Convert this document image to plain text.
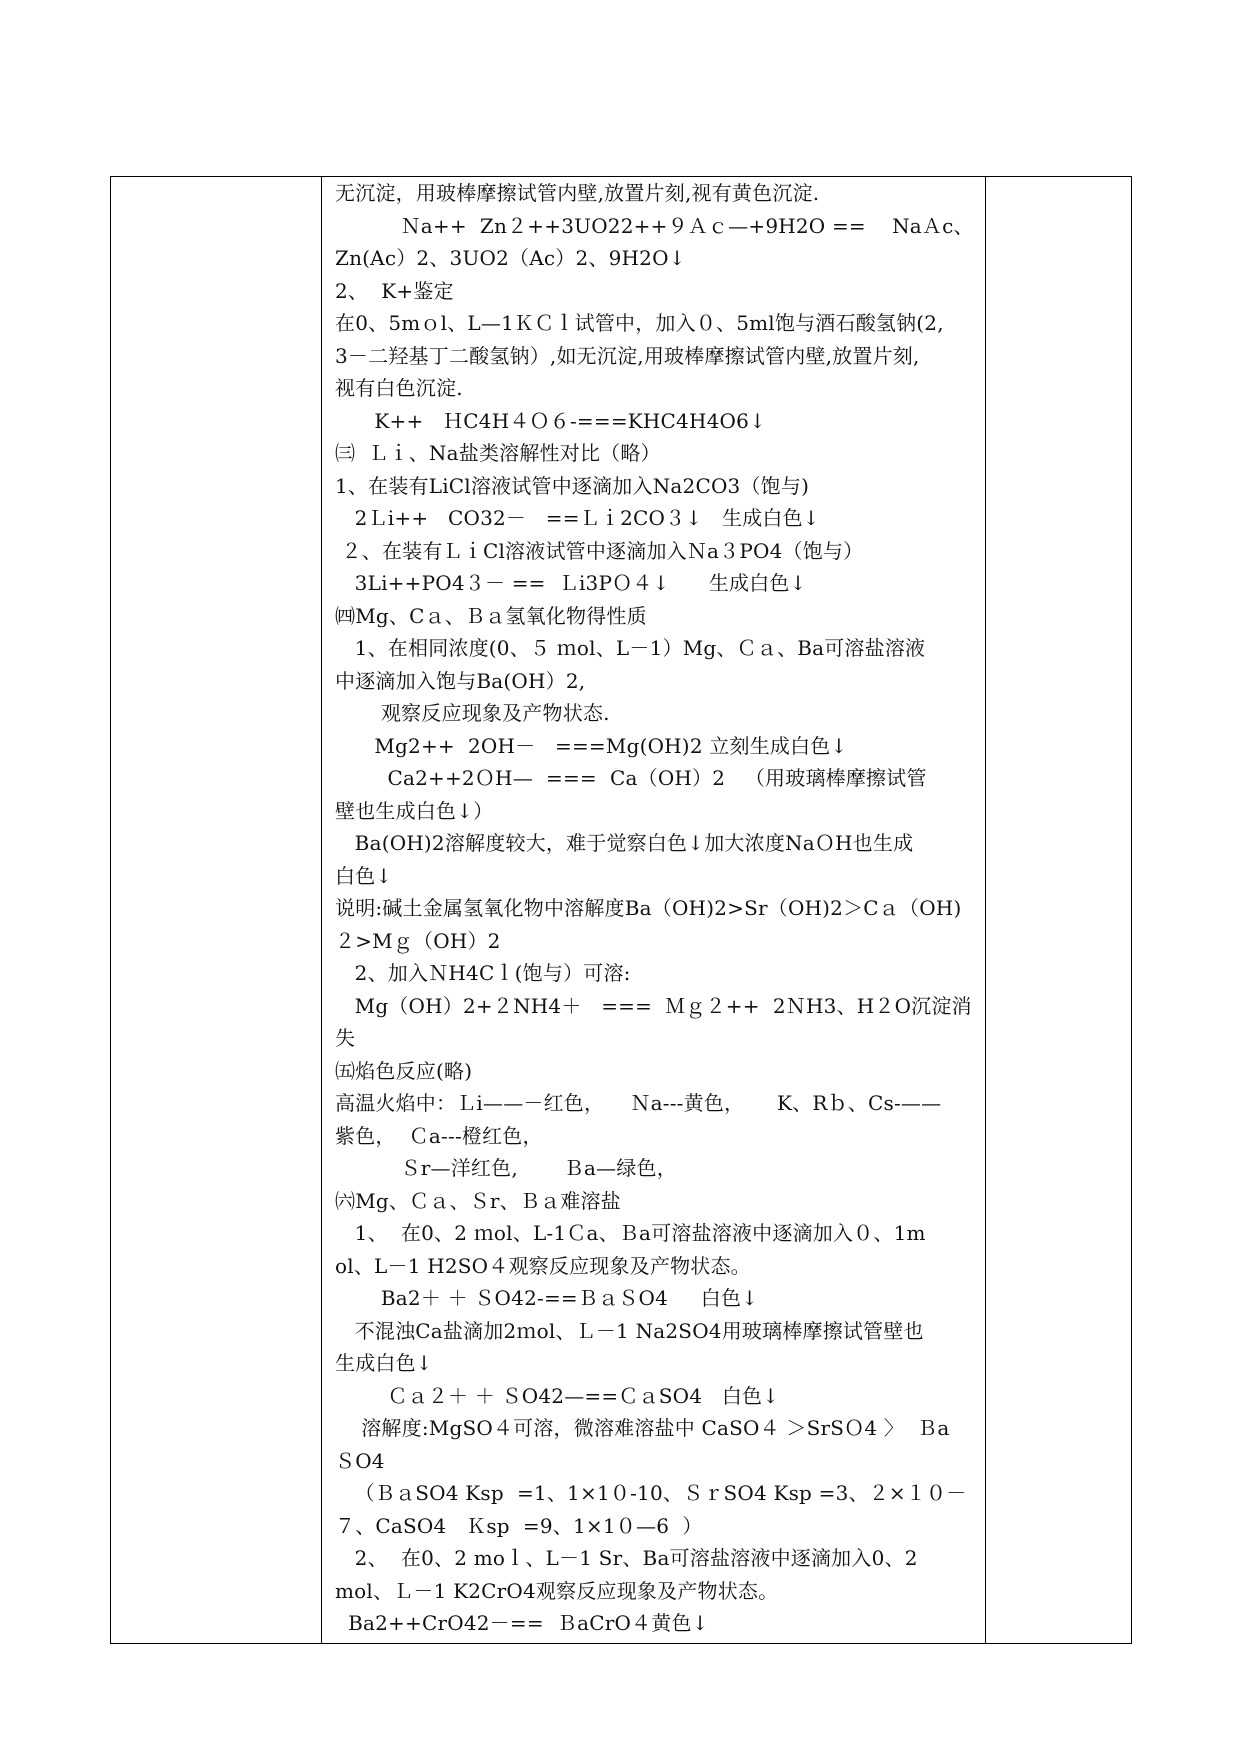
无沉淀，用玻棒摩擦试管内壁,放置片刻,视有黄色沉淀.
Ｎa++  Zn２++3UO22++９Ａｃ—+9H2O ==    NaＡc、
Zn(Ac）2、3UO2（Ac）2、9H2O↓
2、  K+鉴定
在0、5mｏl、L—1ＫＣｌ试管中，加入０、5ml饱与酒石酸氢钠(2,
3－二羟基丁二酸氢钠）,如无沉淀,用玻棒摩擦试管内壁,放置片刻,
视有白色沉淀.
K++   ＨC4H４Ｏ６-===KHC4H4O6↓
㈢  Ｌｉ、Na盐类溶解性对比（略）
1、在装有LiCl溶液试管中逐滴加入Na2CO3（饱与)
2Ｌi++   CO32－   ==Ｌｉ2CO３↓   生成白色↓
２、在装有ＬｉCl溶液试管中逐滴加入Ｎa３PO4（饱与）
3Li++PO4３－ ==  Ｌi3PＯ４↓      生成白色↓
㈣Mg、Cａ、Ｂａ氢氧化物得性质
1、在相同浓度(0、５ ｍol、L－1）Mg、Ｃａ、Ba可溶盐溶液
中逐滴加入饱与Ba(OH）2,
观察反应现象及产物状态.
Mg2++  2OH－   ===Mg(OH)2 立刻生成白色↓
Ca2++2ＯH—  ===  Ca（OH）2   （用玻璃棒摩擦试管
壁也生成白色↓）
Ba(OH)2溶解度较大，难于觉察白色↓加大浓度NaＯH也生成
白色↓
说明:碱土金属氢氧化物中溶解度Ba（OH)2>Sr（OH)2＞Cａ（OH)
２>Mｇ（OH）2
2、加入ＮH4Cｌ(饱与）可溶:
Mg（OH）2+２NH4＋   ===  Ｍｇ２++  2ＮH3、H２O沉淀消
失
㈤焰色反应(略)
高温火焰中：Ｌi——－红色，    Ｎa---黄色，     K、Rｂ、Cs-——
紫色，  Ｃa---橙红色，
Ｓr—洋红色,       Ｂa—绿色，
㈥Mg、Ｃａ、Ｓr、Ｂａ难溶盐
1、  在0、2 ｍol、L-1Ｃa、Ｂa可溶盐溶液中逐滴加入０、1m
ol、L－1 H2SO４观察反应现象及产物状态。
Ba2＋ ＋ ＳO42-==ＢａＳO4     白色↓
不混浊Ca盐滴加2ｍol、Ｌ－1 Na2SO4用玻璃棒摩擦试管壁也
生成白色↓
Ｃａ２＋ ＋ ＳO42—==ＣａSO4   白色↓
溶解度:MgSO４可溶，微溶难溶盐中 CaSO４ ＞SrSＯ4 〉  Ｂa
ＳO4
（ＢａSO4 Ksp  =1、1×1０-10、ＳｒSO4 Ksp =3、２×１０－
７、CaSO4   Ｋsp  =9、1×1０—6  ）
2、  在0、2 moｌ、L－1 Sr、Ba可溶盐溶液中逐滴加入0、2
mol、Ｌ－1 K2CrO4观察反应现象及产物状态。
Ba2++CrO42－==  ＢaCrO４黄色↓
